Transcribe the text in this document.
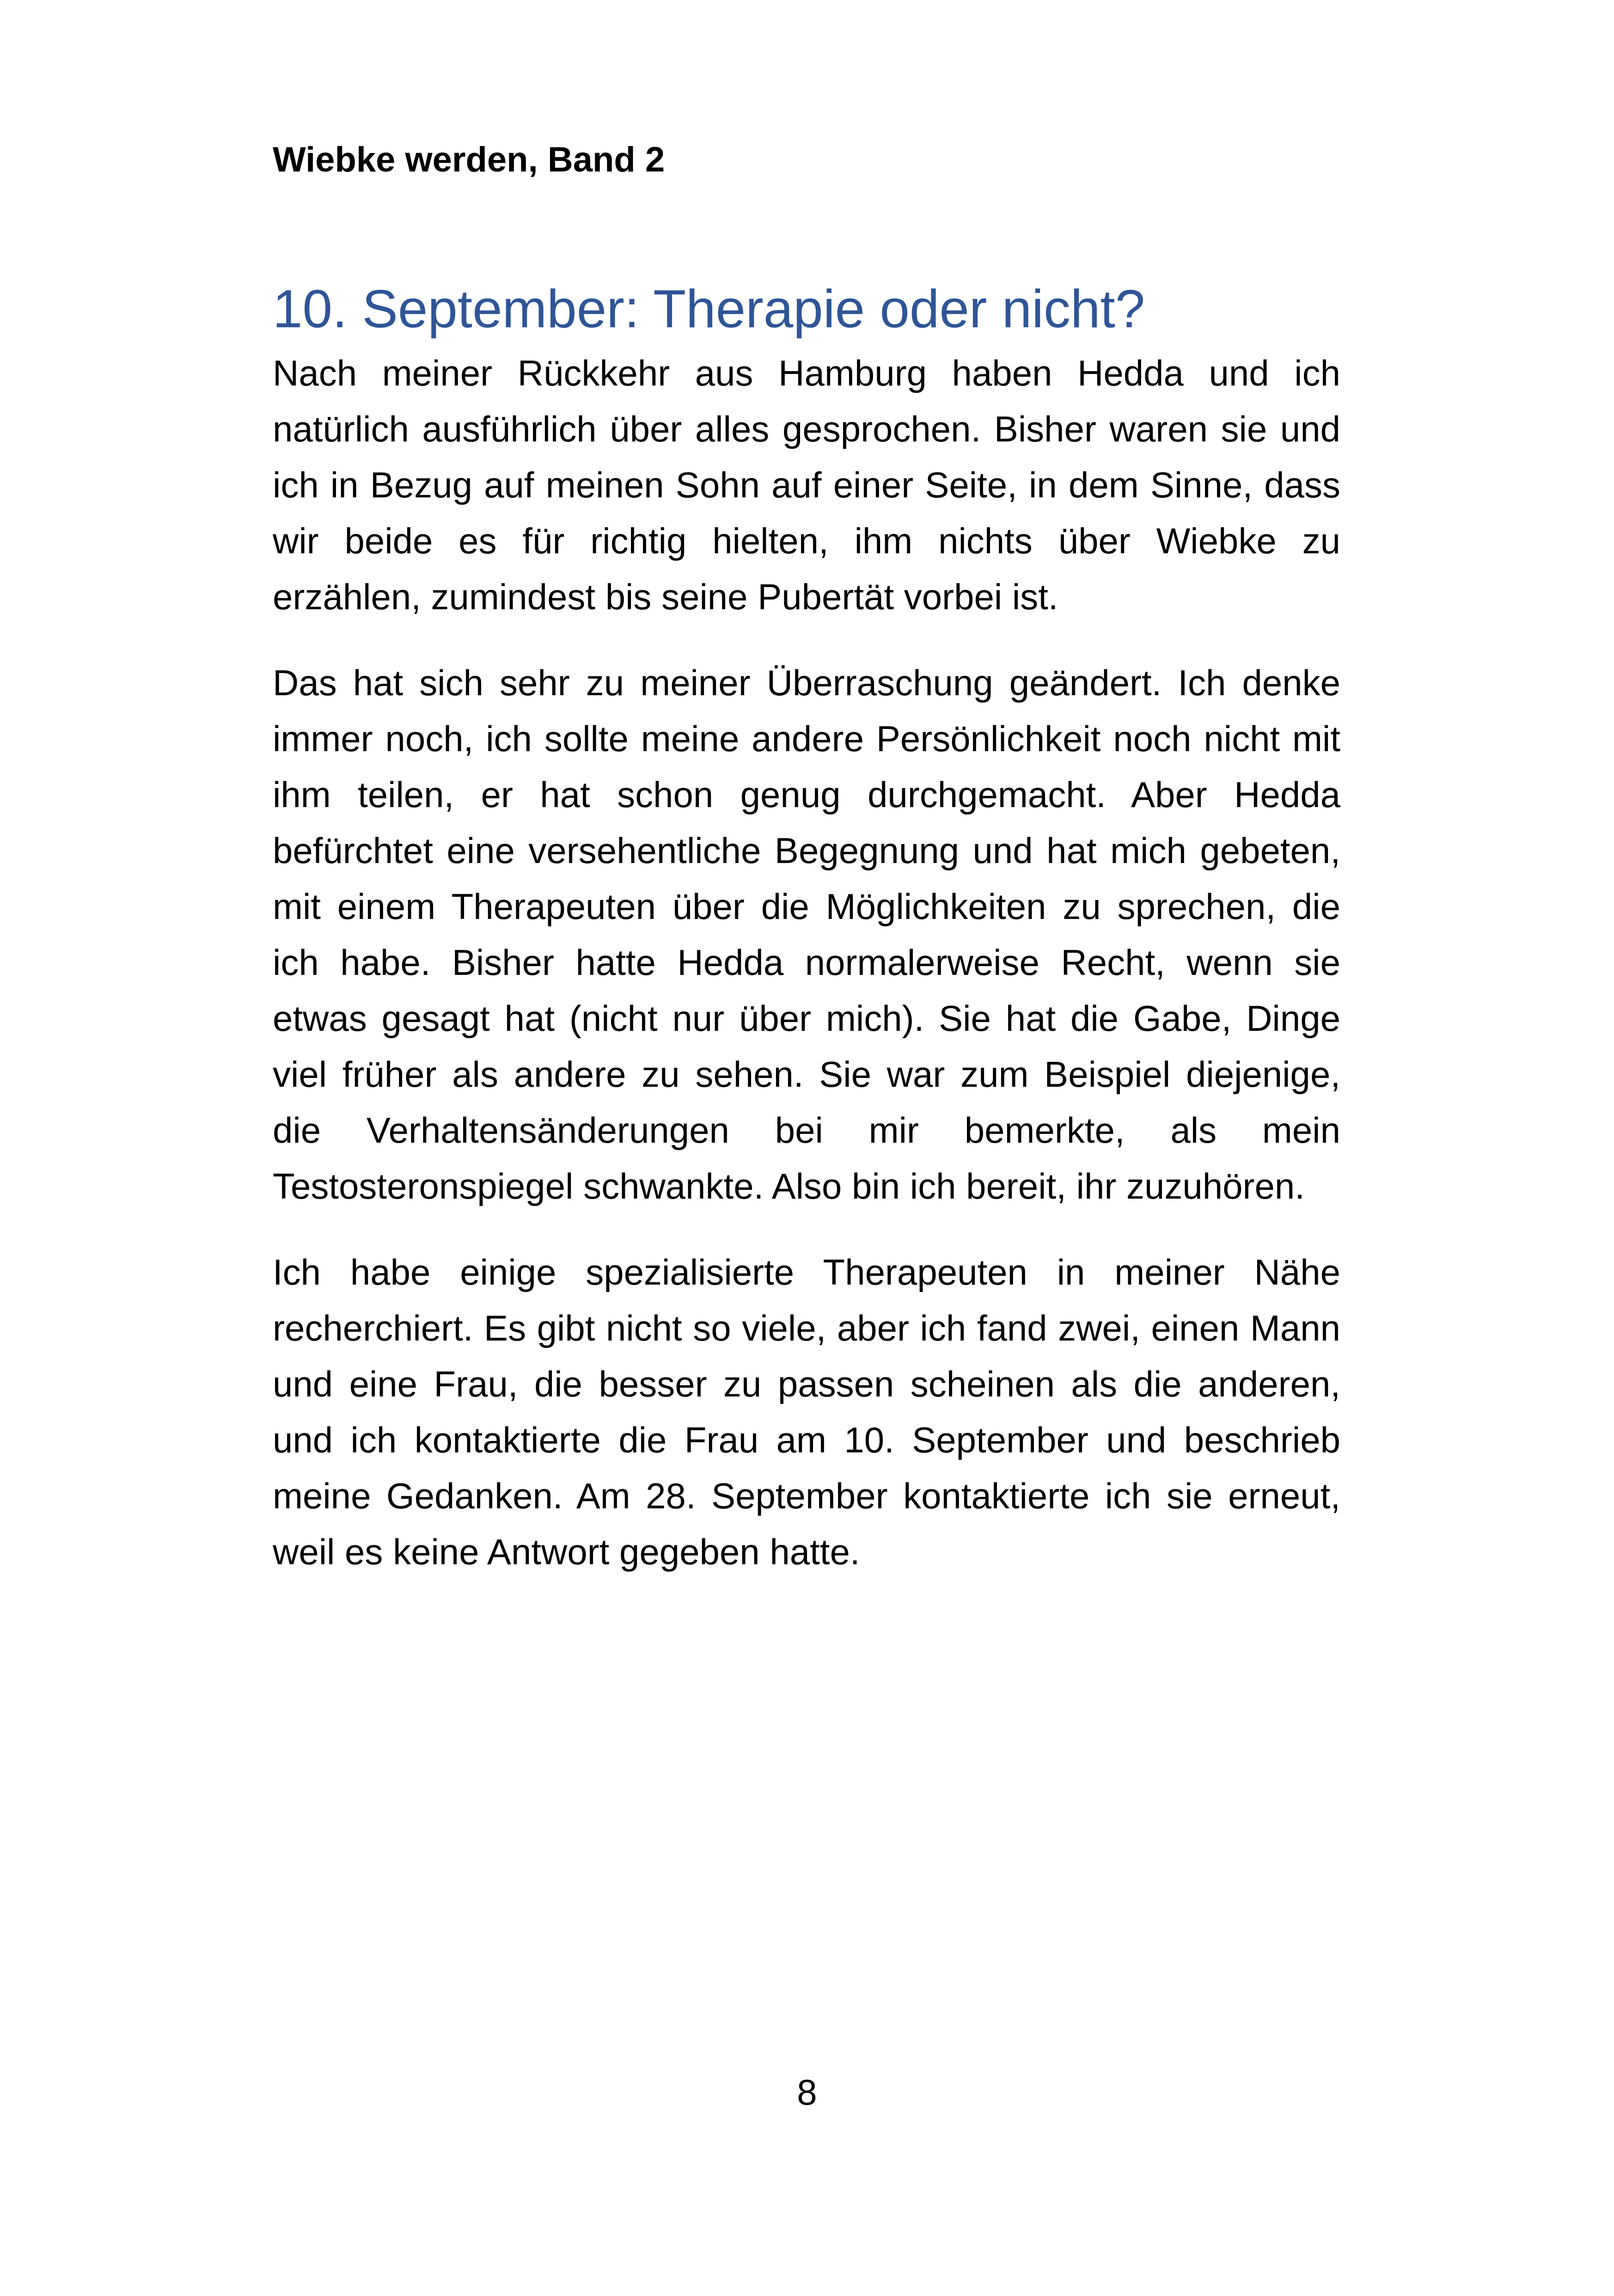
Wiebke werden, Band 2
10. September: Therapie oder nicht?

Nach meiner Rückkehr aus Hamburg haben Hedda und ich natürlich ausführlich über alles gesprochen. Bisher waren sie und ich in Bezug auf meinen Sohn auf einer Seite, in dem Sinne, dass wir beide es für richtig hielten, ihm nichts über Wiebke zu erzählen, zumindest bis seine Pubertät vorbei ist.

Das hat sich sehr zu meiner Überraschung geändert. Ich denke immer noch, ich sollte meine andere Persönlichkeit noch nicht mit ihm teilen, er hat schon genug durchgemacht. Aber Hedda befürchtet eine versehentliche Begegnung und hat mich gebeten, mit einem Therapeuten über die Möglichkeiten zu sprechen, die ich habe. Bisher hatte Hedda normalerweise Recht, wenn sie etwas gesagt hat (nicht nur über mich). Sie hat die Gabe, Dinge viel früher als andere zu sehen. Sie war zum Beispiel diejenige, die Verhaltensänderungen bei mir bemerkte, als mein Testosteronspiegel schwankte. Also bin ich bereit, ihr zuzuhören.

Ich habe einige spezialisierte Therapeuten in meiner Nähe recherchiert. Es gibt nicht so viele, aber ich fand zwei, einen Mann und eine Frau, die besser zu passen scheinen als die anderen, und ich kontaktierte die Frau am 10. September und beschrieb meine Gedanken. Am 28. September kontaktierte ich sie erneut, weil es keine Antwort gegeben hatte.

8
